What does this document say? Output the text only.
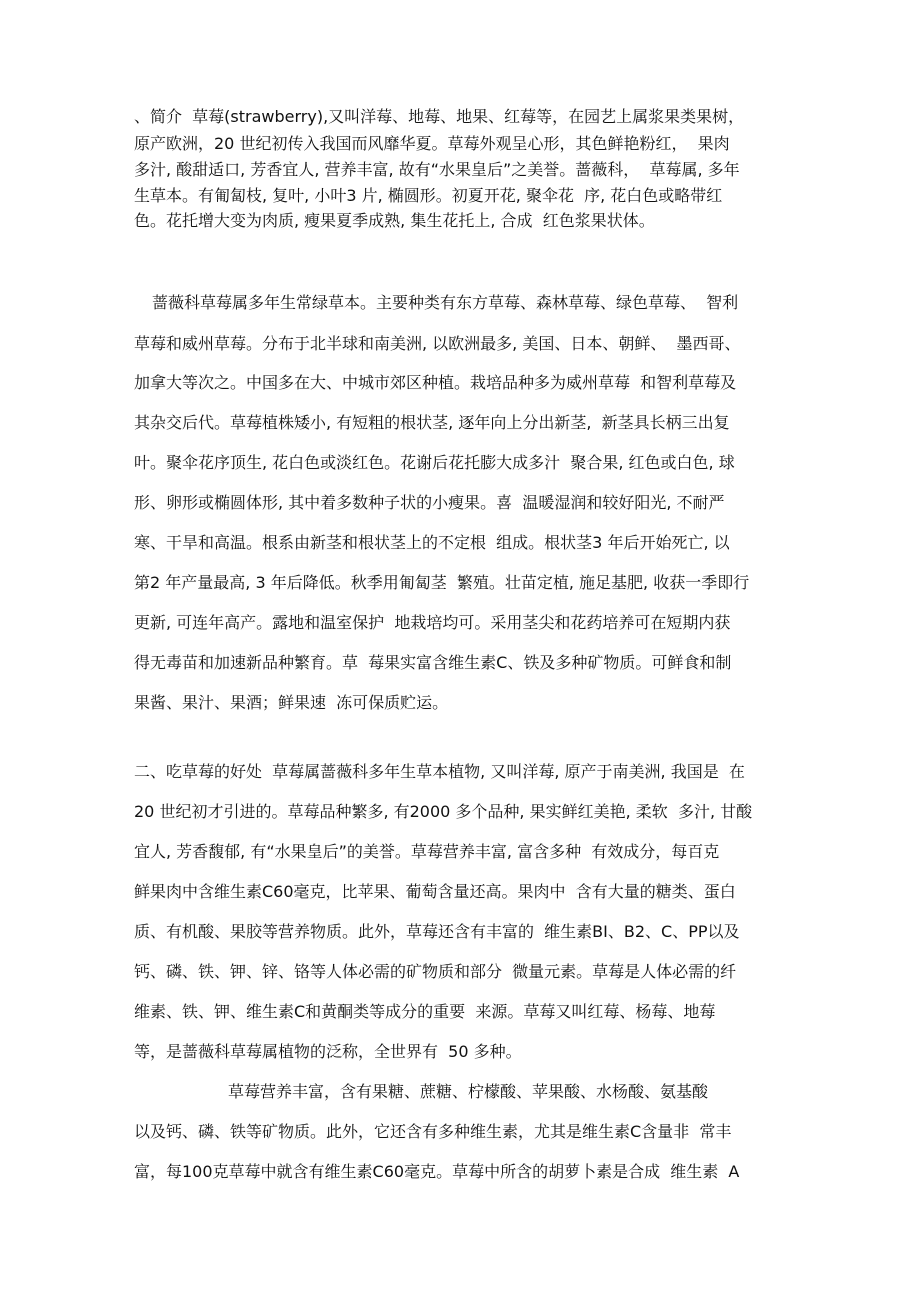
、简介  草莓(strawberry),又叫洋莓、地莓、地果、红莓等，在园艺上属浆果类果树，
原产欧洲，20 世纪初传入我国而风靡华夏。草莓外观呈心形，其色鲜艳粉红，  果肉
多汁, 酸甜适口, 芳香宜人, 营养丰富, 故有“水果皇后”之美誉。蔷薇科，  草莓属, 多年
生草本。有匍匐枝, 复叶, 小叶3 片, 椭圆形。初夏开花, 聚伞花  序, 花白色或略带红
色。花托增大变为肉质, 瘦果夏季成熟, 集生花托上, 合成  红色浆果状体。
蔷薇科草莓属多年生常绿草本。主要种类有东方草莓、森林草莓、绿色草莓、  智利
草莓和威州草莓。分布于北半球和南美洲, 以欧洲最多, 美国、日本、朝鲜、  墨西哥、
加拿大等次之。中国多在大、中城市郊区种植。栽培品种多为威州草莓  和智利草莓及
其杂交后代。草莓植株矮小, 有短粗的根状茎, 逐年向上分出新茎,  新茎具长柄三出复
叶。聚伞花序顶生, 花白色或淡红色。花谢后花托膨大成多汁  聚合果, 红色或白色, 球
形、卵形或椭圆体形, 其中着多数种子状的小瘦果。喜  温暖湿润和较好阳光, 不耐严
寒、干旱和高温。根系由新茎和根状茎上的不定根  组成。根状茎3 年后开始死亡, 以
第2 年产量最高, 3 年后降低。秋季用匍匐茎  繁殖。壮苗定植, 施足基肥, 收获一季即行
更新, 可连年高产。露地和温室保护  地栽培均可。采用茎尖和花药培养可在短期内获
得无毒苗和加速新品种繁育。草  莓果实富含维生素C、铁及多种矿物质。可鲜食和制
果酱、果汁、果酒；鲜果速  冻可保质贮运。
二、吃草莓的好处  草莓属蔷薇科多年生草本植物, 又叫洋莓, 原产于南美洲, 我国是  在
20 世纪初才引进的。草莓品种繁多, 有2000 多个品种, 果实鲜红美艳, 柔软  多汁, 甘酸
宜人, 芳香馥郁, 有“水果皇后”的美誉。草莓营养丰富, 富含多种  有效成分，每百克
鲜果肉中含维生素C60毫克，比苹果、葡萄含量还高。果肉中  含有大量的糖类、蛋白
质、有机酸、果胶等营养物质。此外，草莓还含有丰富的  维生素BI、B2、C、PP以及
钙、磷、铁、钾、锌、铬等人体必需的矿物质和部分  微量元素。草莓是人体必需的纤
维素、铁、钾、维生素C和黄酮类等成分的重要  来源。草莓又叫红莓、杨莓、地莓
等，是蔷薇科草莓属植物的泛称，全世界有  50 多种。
草莓营养丰富，含有果糖、蔗糖、柠檬酸、苹果酸、水杨酸、氨基酸
以及钙、磷、铁等矿物质。此外，它还含有多种维生素，尤其是维生素C含量非  常丰
富，每100克草莓中就含有维生素C60毫克。草莓中所含的胡萝卜素是合成  维生素  A
